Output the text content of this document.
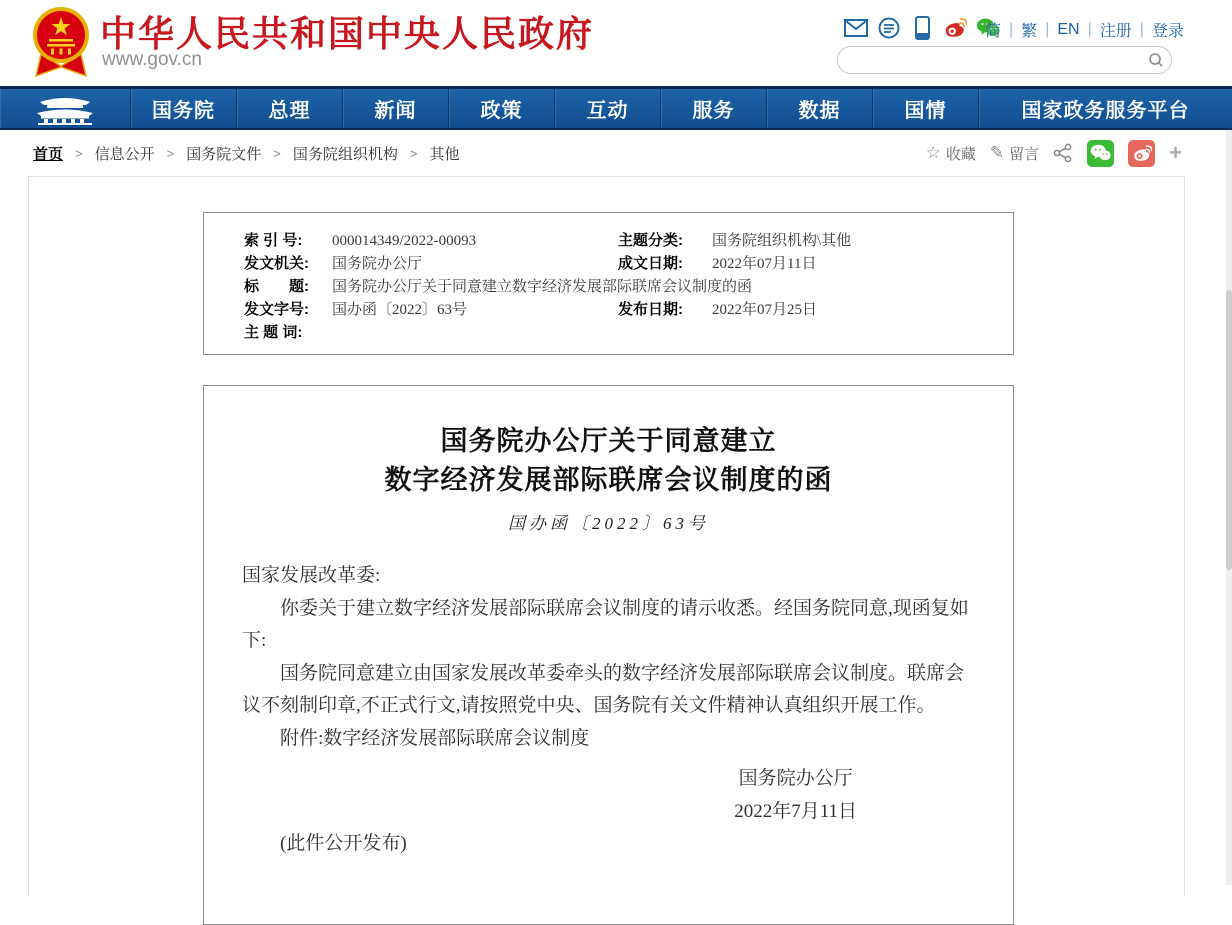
中华人民共和国中央人民政府
www.gov.cn
简 | 繁 | EN | 注册 | 登录
国务院	总理	新闻	政策	互动	服务	数据	国情	国家政务服务平台
首页 > 信息公开 > 国务院文件 > 国务院组织机构 > 其他	☆ 收藏 ✎ 留言	+
索 引 号:	000014349/2022-00093	主题分类:	国务院组织机构\其他
发文机关:	国务院办公厅	成文日期:	2022年07月11日
标　　题:	国务院办公厅关于同意建立数字经济发展部际联席会议制度的函
发文字号:	国办函〔2022〕63号	发布日期:	2022年07月25日
主 题 词:
国务院办公厅关于同意建立
数字经济发展部际联席会议制度的函
国办函〔2022〕63号

国家发展改革委:

你委关于建立数字经济发展部际联席会议制度的请示收悉。经国务院同意,现函复如下:

国务院同意建立由国家发展改革委牵头的数字经济发展部际联席会议制度。联席会议不刻制印章,不正式行文,请按照党中央、国务院有关文件精神认真组织开展工作。

附件:数字经济发展部际联席会议制度

国务院办公厅
2022年7月11日

(此件公开发布)
